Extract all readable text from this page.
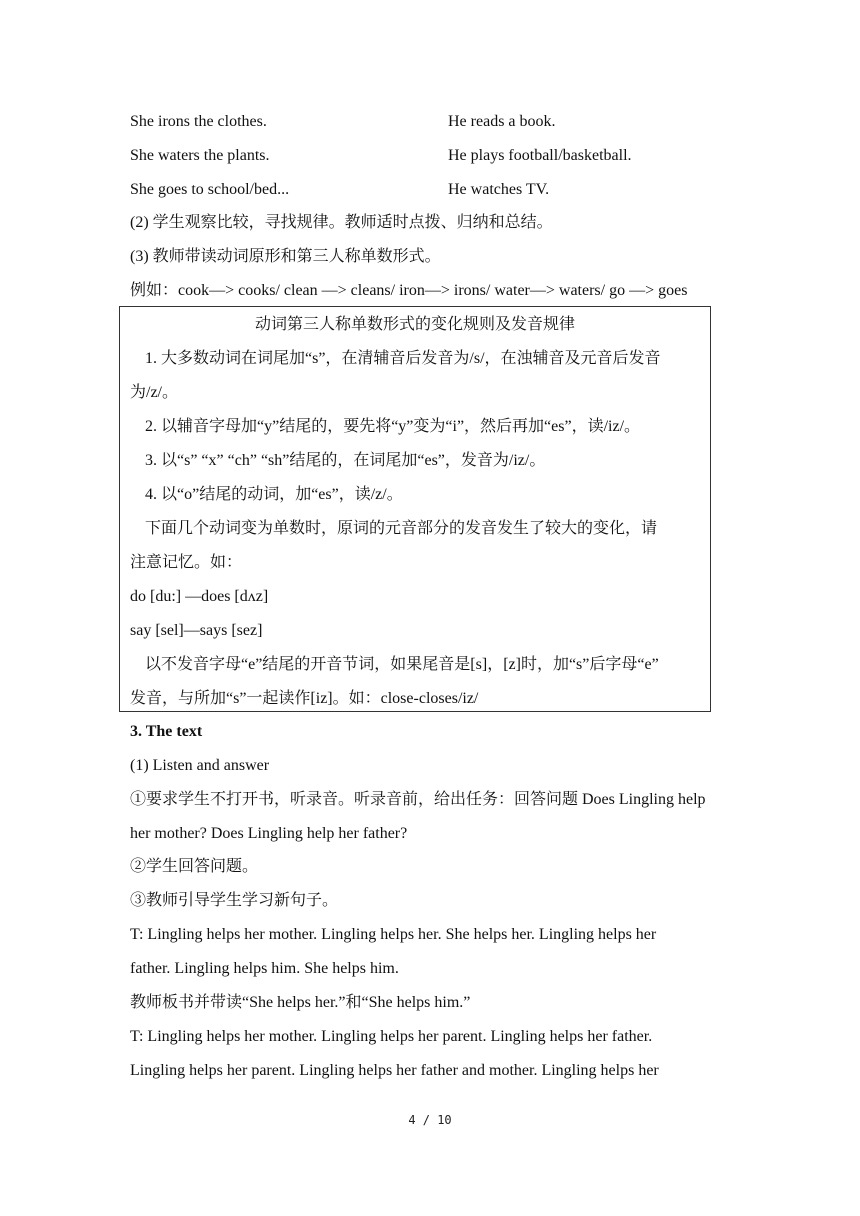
She irons the clothes.	He reads a book.
She waters the plants.	He plays football/basketball.
She goes to school/bed...	He watches TV.
(2) 学生观察比较，寻找规律。教师适时点拨、归纳和总结。
(3) 教师带读动词原形和第三人称单数形式。
例如：cook—> cooks/ clean —> cleans/ iron—> irons/ water—> waters/ go —> goes
动词第三人称单数形式的变化规则及发音规律
1. 大多数动词在词尾加“s”，在清辅音后发音为/s/，在浊辅音及元音后发音
为/z/。
2. 以辅音字母加“y”结尾的，要先将“y”变为“i”，然后再加“es”，读/iz/。
3. 以“s” “x” “ch” “sh”结尾的，在词尾加“es”，发音为/iz/。
4. 以“o”结尾的动词，加“es”，读/z/。
下面几个动词变为单数时，原词的元音部分的发音发生了较大的变化，请
注意记忆。如：
do [du:] —does [dʌz]
say [sel]—says [sez]
以不发音字母“e”结尾的开音节词，如果尾音是[s]，[z]时，加“s”后字母“e”
发音，与所加“s”一起读作[iz]。如：close-closes/iz/
3. The text
(1) Listen and answer
①要求学生不打开书，听录音。听录音前，给出任务：回答问题 Does Lingling help
her mother? Does Lingling help her father?
②学生回答问题。
③教师引导学生学习新句子。
T: Lingling helps her mother. Lingling helps her. She helps her. Lingling helps her
father. Lingling helps him. She helps him.
教师板书并带读“She helps her.”和“She helps him.”
T: Lingling helps her mother. Lingling helps her parent. Lingling helps her father.
Lingling helps her parent. Lingling helps her father and mother. Lingling helps her
4 / 10
